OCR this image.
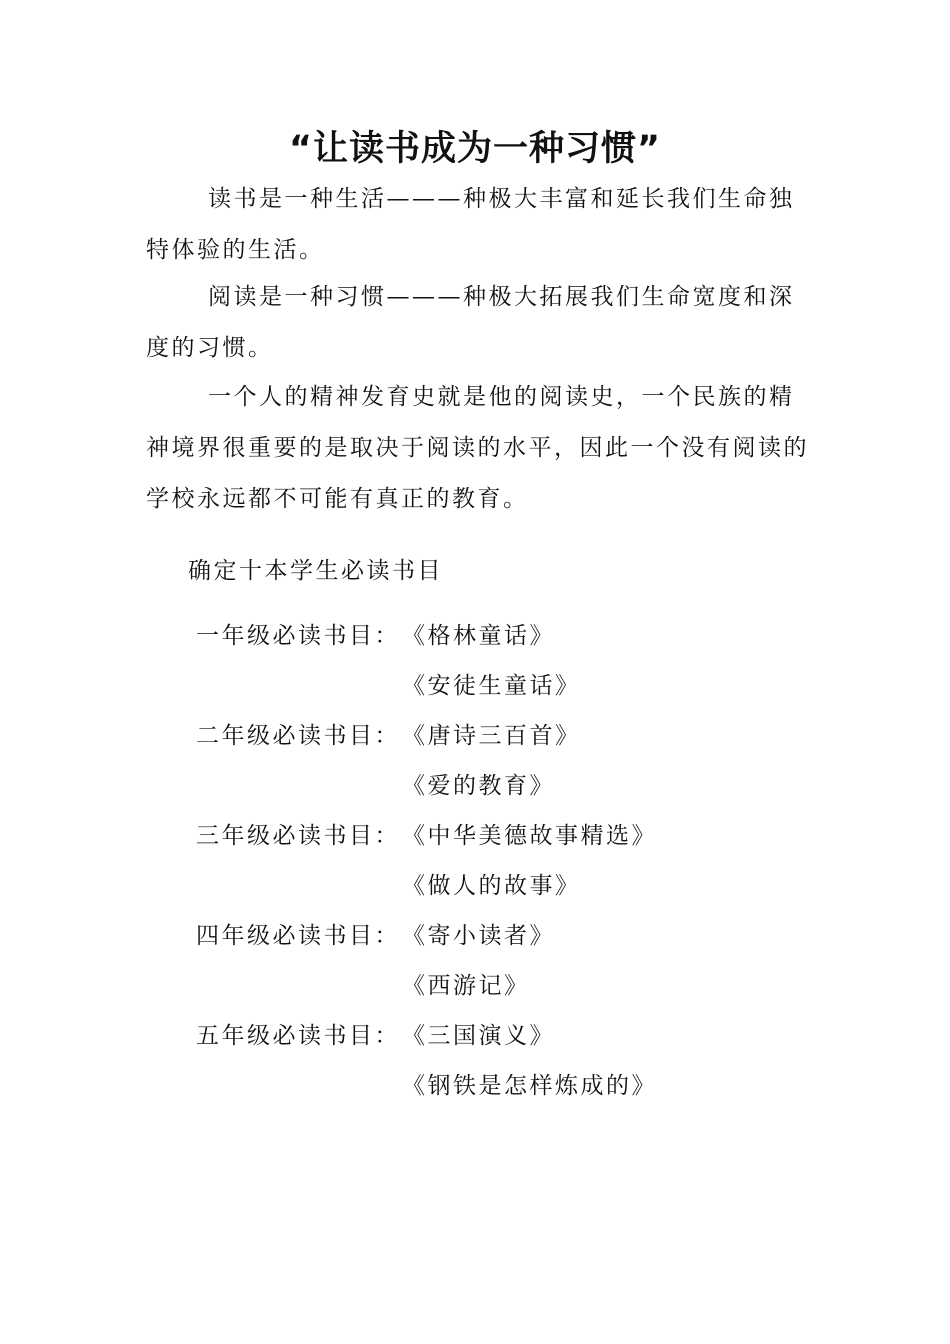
“让读书成为一种习惯”

读书是一种生活———种极大丰富和延长我们生命独特体验的生活。

阅读是一种习惯———种极大拓展我们生命宽度和深度的习惯。

一个人的精神发育史就是他的阅读史，一个民族的精神境界很重要的是取决于阅读的水平，因此一个没有阅读的学校永远都不可能有真正的教育。

确定十本学生必读书目

一年级必读书目： 《格林童话》
《安徒生童话》
二年级必读书目： 《唐诗三百首》
《爱的教育》
三年级必读书目： 《中华美德故事精选》
《做人的故事》
四年级必读书目： 《寄小读者》
《西游记》
五年级必读书目： 《三国演义》
《钢铁是怎样炼成的》
